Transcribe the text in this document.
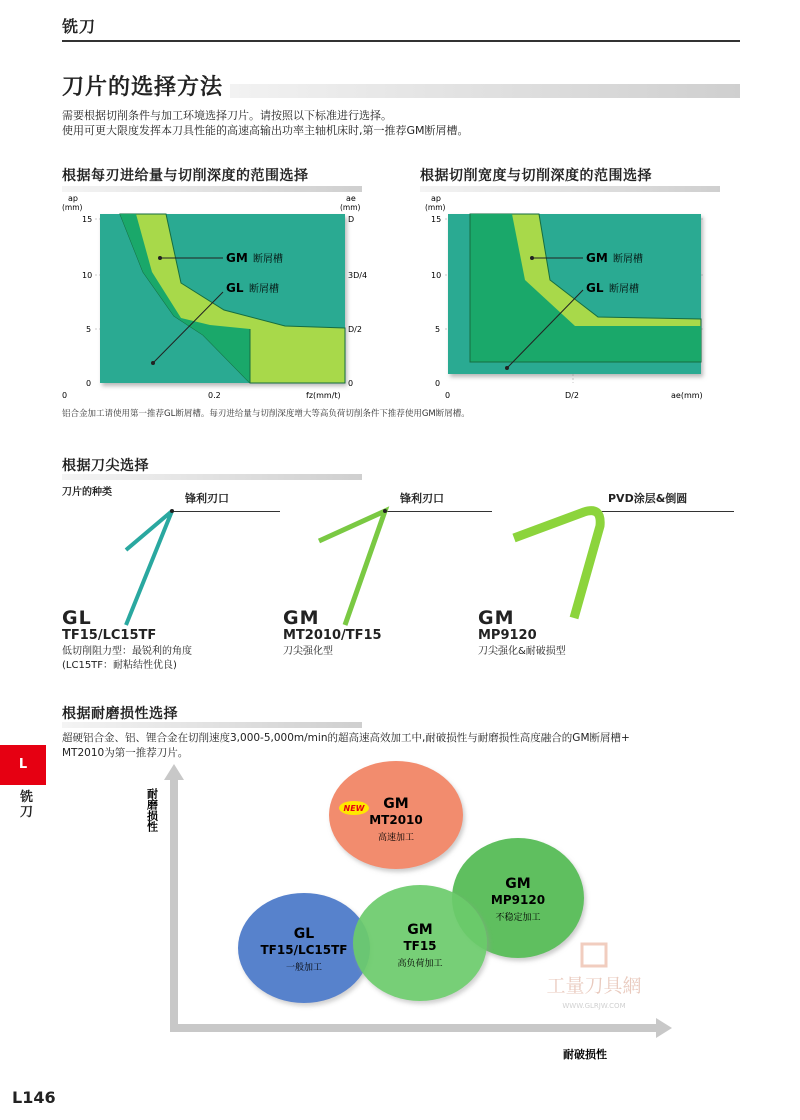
铣刀
刀片的选择方法
需要根据切削条件与加工环境选择刀片。请按照以下标准进行选择。
使用可更大限度发挥本刀具性能的高速高输出功率主轴机床时,第一推荐GM断屑槽。
根据每刃进给量与切削深度的范围选择	根据切削宽度与切削深度的范围选择
ap
(mm)
ae
(mm)
15
10
5
0
D
3D/4
D/2
0
0	0.2	fz(mm/t)
GM 断屑槽
GL 断屑槽
ap
(mm)
15
10
5
0
0	D/2	ae(mm)
GM 断屑槽
GL 断屑槽
铝合金加工请使用第一推荐GL断屑槽。每刃进给量与切削深度增大等高负荷切削条件下推荐使用GM断屑槽。
根据刀尖选择
刀片的种类	锋利刃口
GL
TF15/LC15TF
低切削阻力型：最锐利的角度
(LC15TF：耐粘结性优良)
锋利刃口
GM
MT2010/TF15
刀尖强化型
PVD涂层&倒圆
GM
MP9120
刀尖强化&耐破损型
根据耐磨损性选择
超硬铝合金、铝、锂合金在切削速度3,000-5,000m/min的超高速高效加工中,耐破损性与耐磨损性高度融合的GM断屑槽+
MT2010为第一推荐刀片。
耐磨损性
耐破损性
NEW GM
MT2010
高速加工
GM
MP9120
不稳定加工
GM
TF15
高负荷加工
GL
TF15/LC15TF
一般加工
工量刀具網
WWW.GLRJW.COM
L
铣刀
L146
